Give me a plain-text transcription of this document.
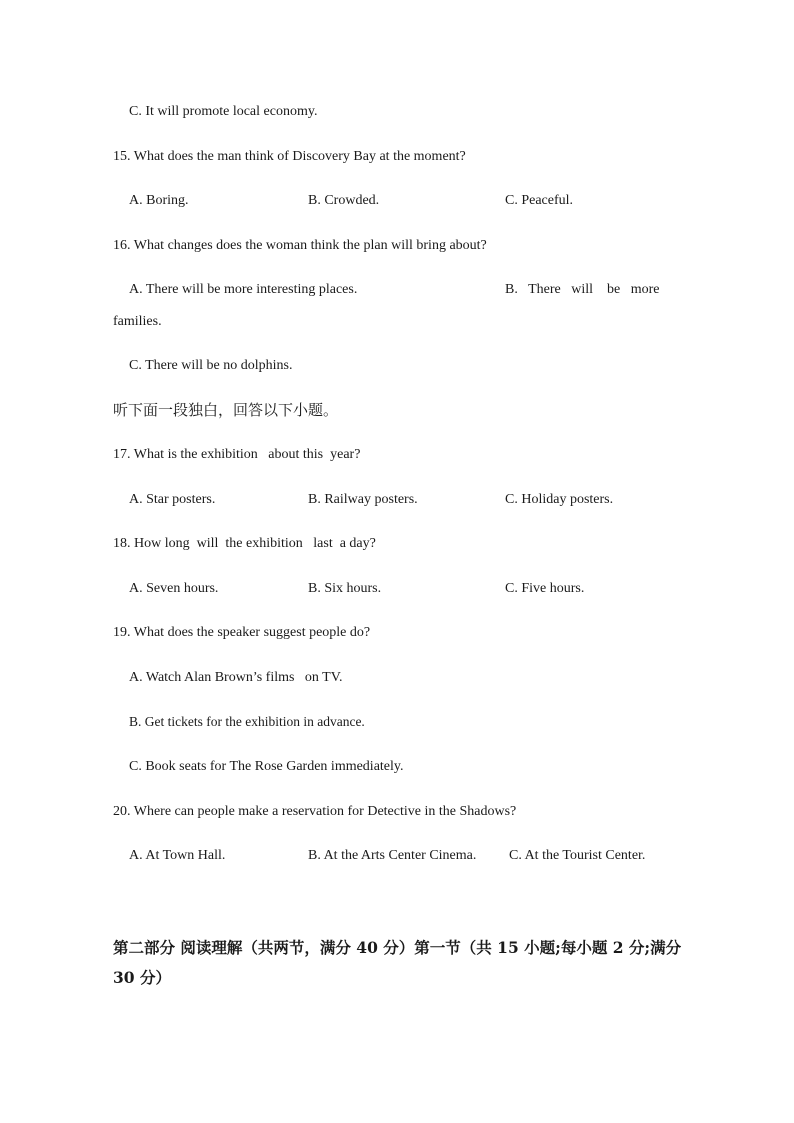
C. It will promote local economy.
15. What does the man think of Discovery Bay at the moment?
A. Boring.	B. Crowded.	C. Peaceful.
16. What changes does the woman think the plan will bring about?
A. There will be more interesting places.	B.   There   will    be   more
families.
C. There will be no dolphins.
听下面一段独白，回答以下小题。
17. What is the exhibition   about this  year?
A. Star posters.	B. Railway posters.	C. Holiday posters.
18. How long  will  the exhibition   last  a day?
A. Seven hours.	B. Six hours.	C. Five hours.
19. What does the speaker suggest people do?
A. Watch Alan Brown’s films   on TV.
B. Get tickets for the exhibition in advance.
C. Book seats for The Rose Garden immediately.
20. Where can people make a reservation for Detective in the Shadows?
A. At Town Hall.	B. At the Arts Center Cinema. C. At the Tourist Center.
第二部分 阅读理解（共两节，满分 40 分）第一节（共 15 小题;每小题 2 分;满分 30 分）
